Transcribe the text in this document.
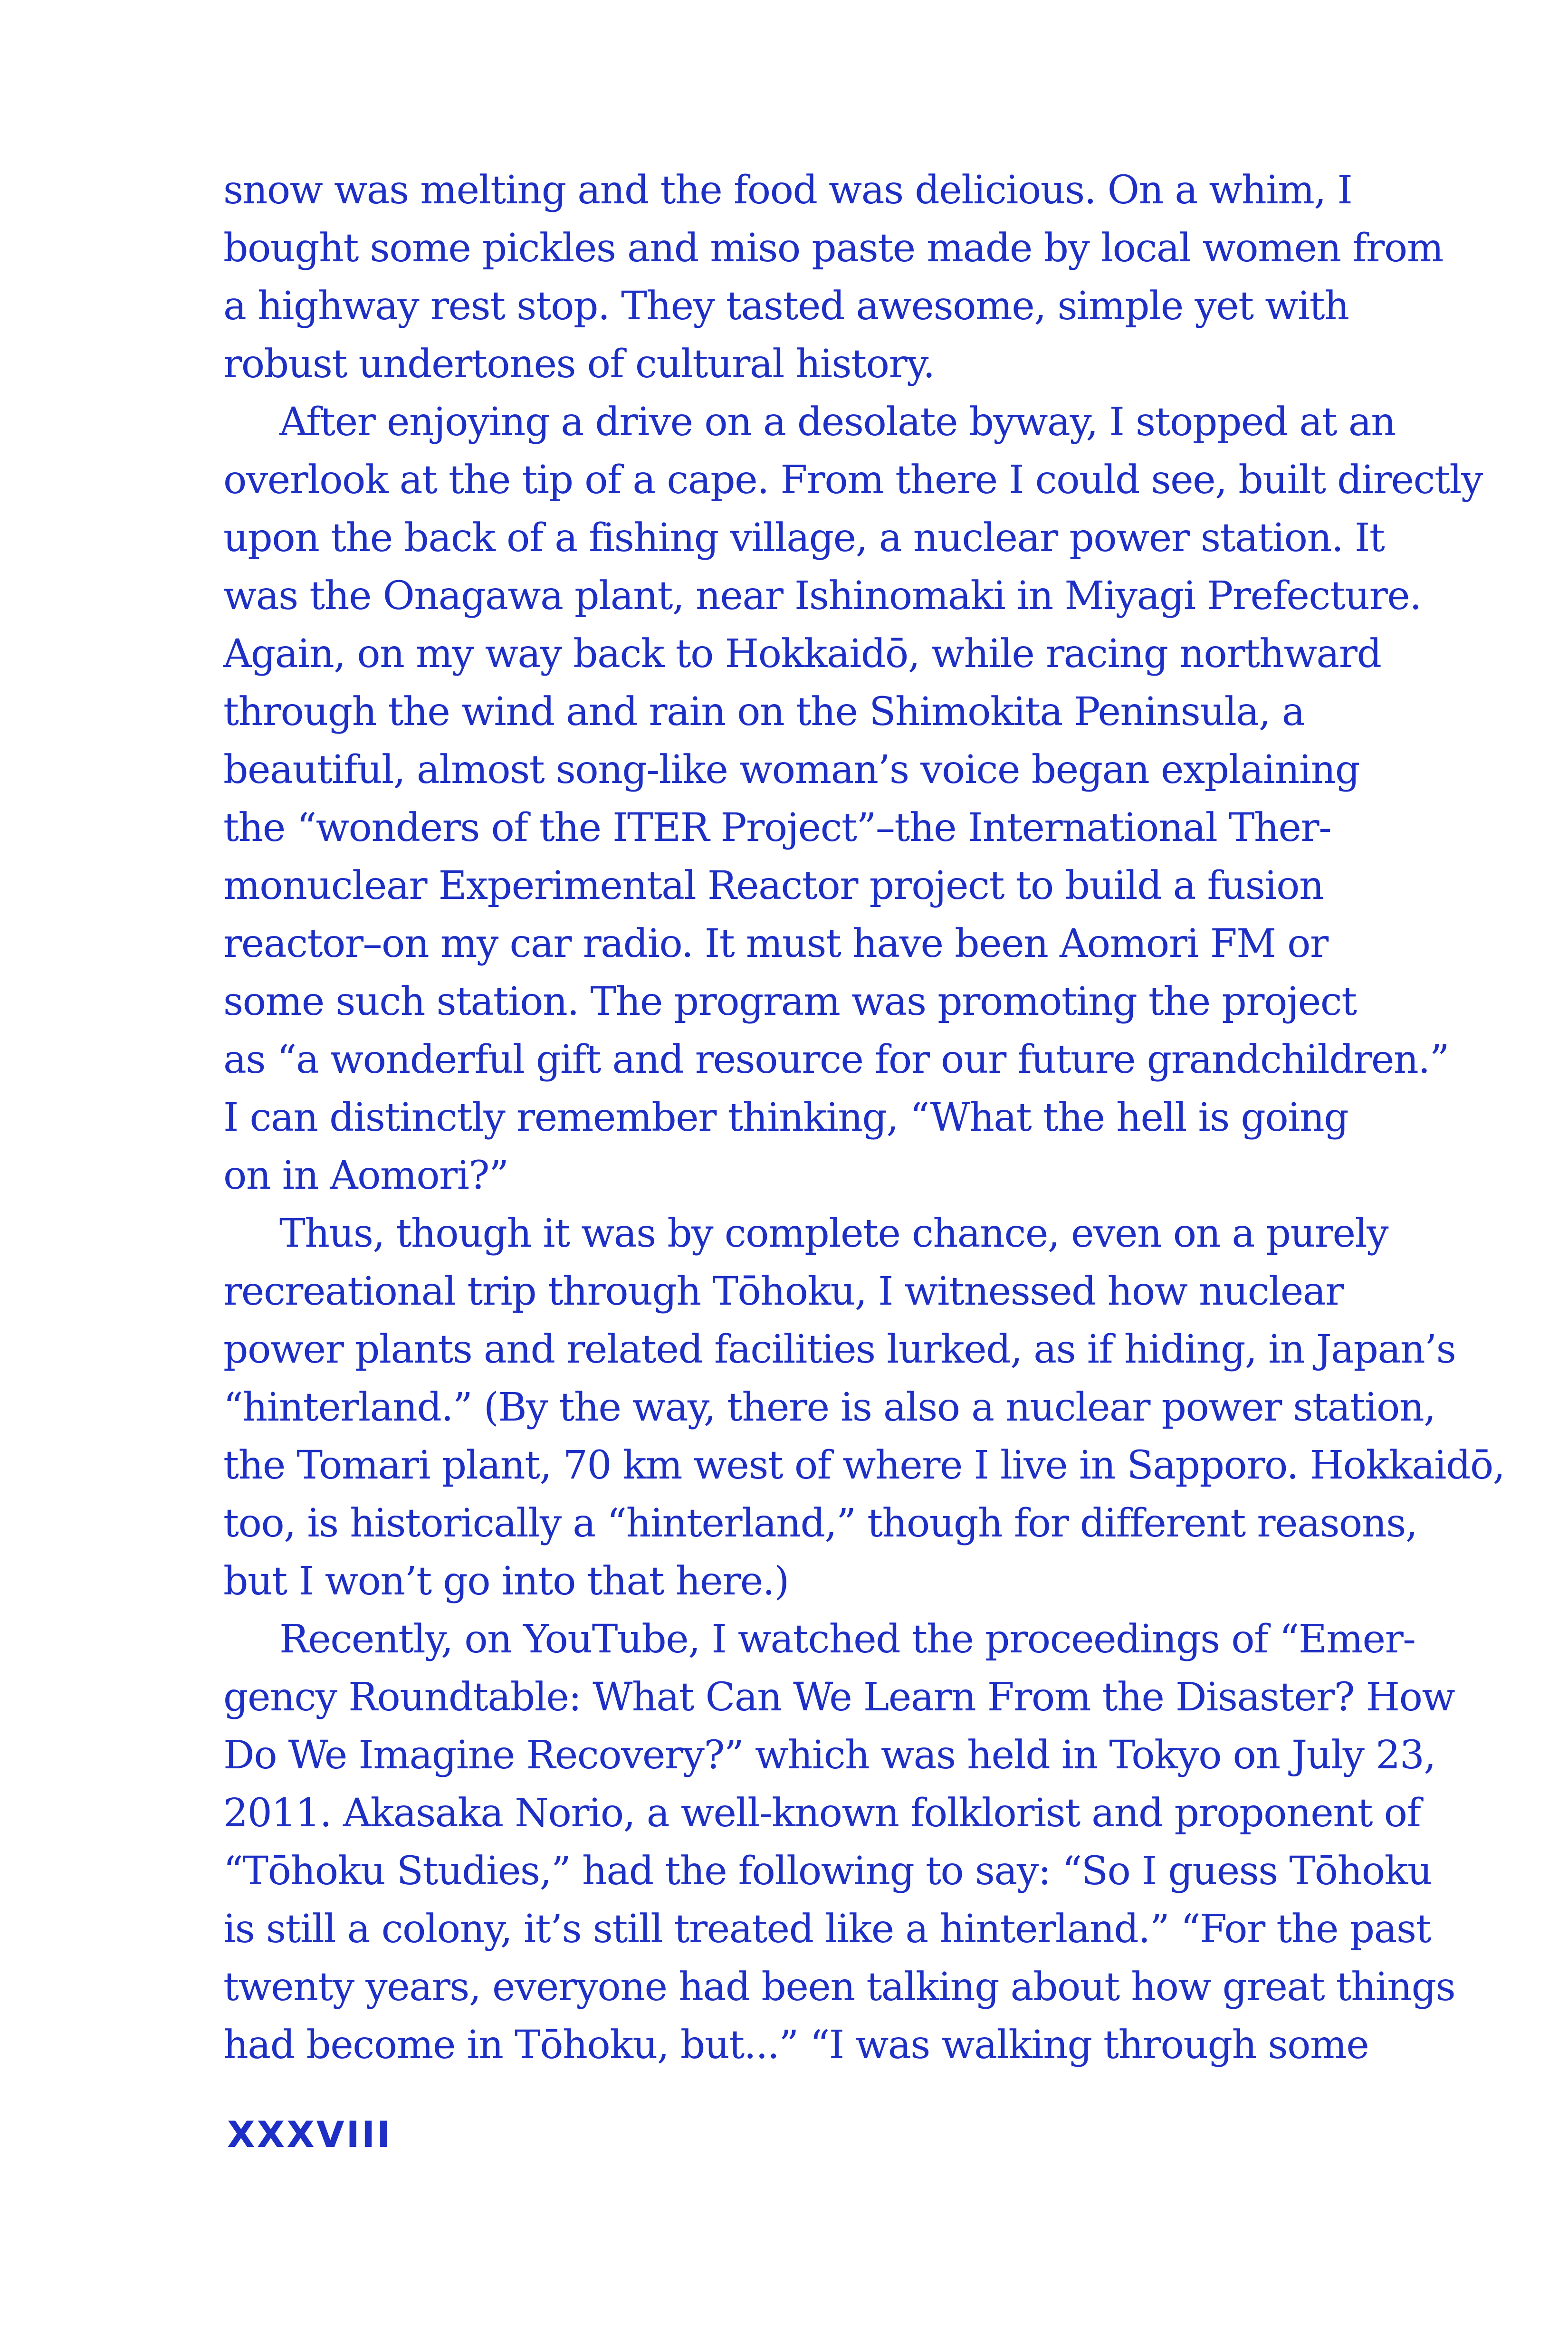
snow was melting and the food was delicious. On a whim, I
bought some pickles and miso paste made by local women from
a highway rest stop. They tasted awesome, simple yet with
robust undertones of cultural history.
After enjoying a drive on a desolate byway, I stopped at an
overlook at the tip of a cape. From there I could see, built directly
upon the back of a fishing village, a nuclear power station. It
was the Onagawa plant, near Ishinomaki in Miyagi Prefecture.
Again, on my way back to Hokkaidō, while racing northward
through the wind and rain on the Shimokita Peninsula, a
beautiful, almost song-like woman’s voice began explaining
the “wonders of the ITER Project”–the International Ther-
monuclear Experimental Reactor project to build a fusion
reactor–on my car radio. It must have been Aomori FM or
some such station. The program was promoting the project
as “a wonderful gift and resource for our future grandchildren.”
I can distinctly remember thinking, “What the hell is going
on in Aomori?”
Thus, though it was by complete chance, even on a purely
recreational trip through Tōhoku, I witnessed how nuclear
power plants and related facilities lurked, as if hiding, in Japan’s
“hinterland.” (By the way, there is also a nuclear power station,
the Tomari plant, 70 km west of where I live in Sapporo. Hokkaidō,
too, is historically a “hinterland,” though for different reasons,
but I won’t go into that here.)
Recently, on YouTube, I watched the proceedings of “Emer-
gency Roundtable: What Can We Learn From the Disaster? How
Do We Imagine Recovery?” which was held in Tokyo on July 23,
2011. Akasaka Norio, a well-known folklorist and proponent of
“Tōhoku Studies,” had the following to say: “So I guess Tōhoku
is still a colony, it’s still treated like a hinterland.” “For the past
twenty years, everyone had been talking about how great things
had become in Tōhoku, but...” “I was walking through some
XXXVIII
